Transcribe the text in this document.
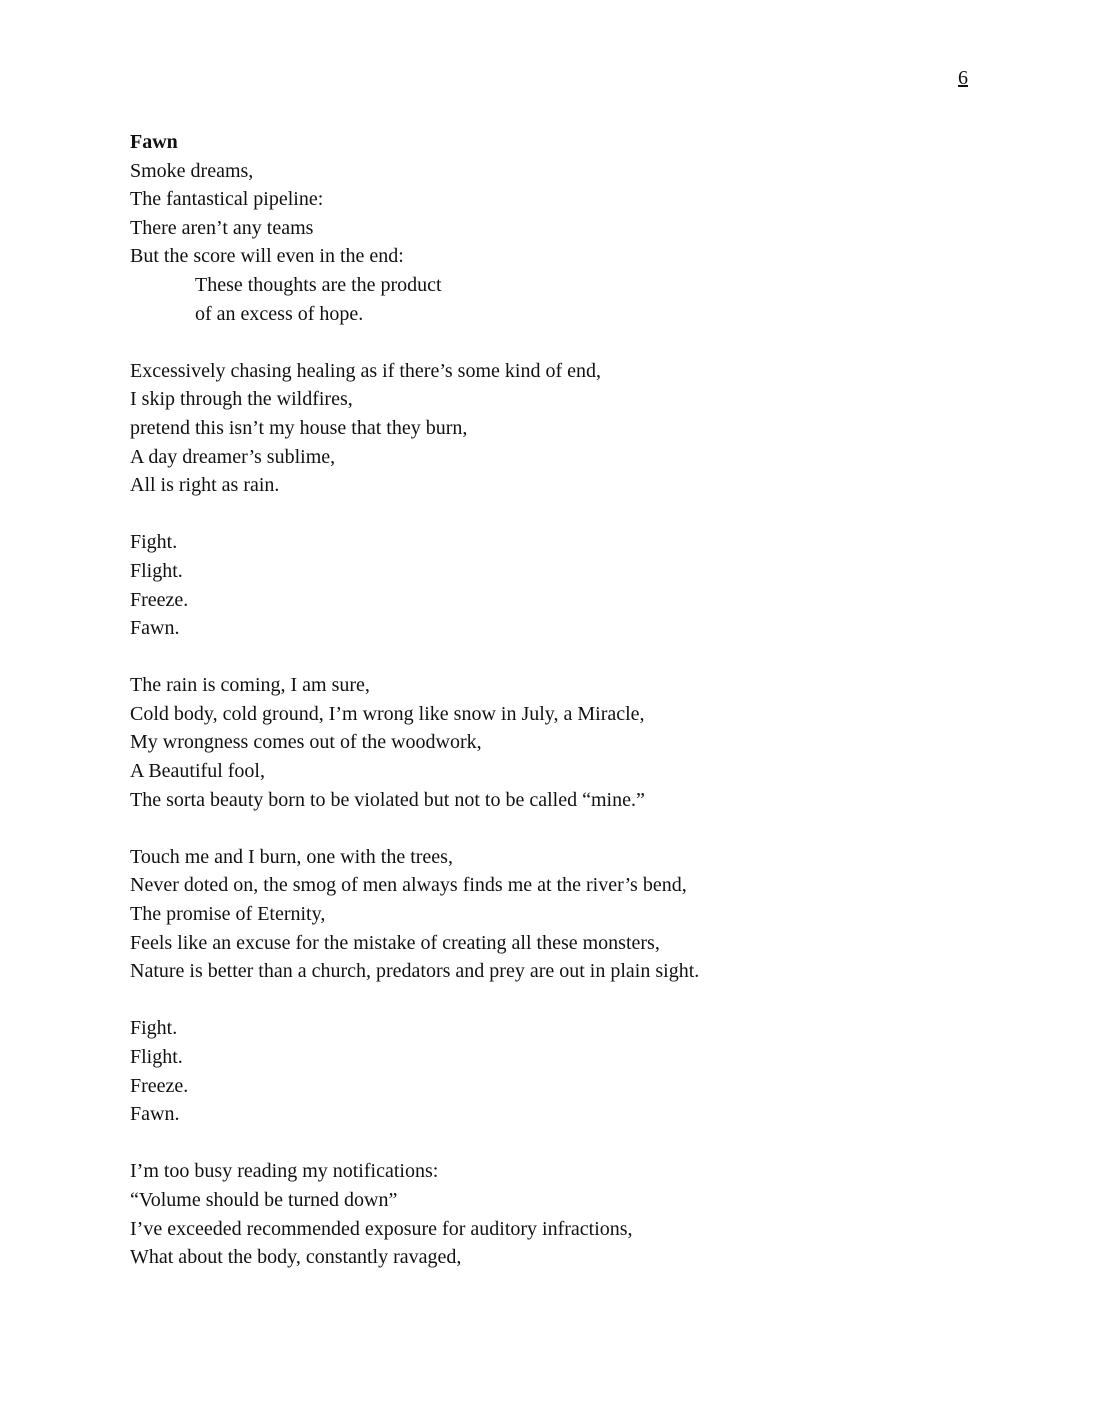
6
Fawn
Smoke dreams,
The fantastical pipeline:
There aren’t any teams
But the score will even in the end:
These thoughts are the product
of an excess of hope.
Excessively chasing healing as if there’s some kind of end,
I skip through the wildfires,
pretend this isn’t my house that they burn,
A day dreamer’s sublime,
All is right as rain.
Fight.
Flight.
Freeze.
Fawn.
The rain is coming, I am sure,
Cold body, cold ground, I’m wrong like snow in July, a Miracle,
My wrongness comes out of the woodwork,
A Beautiful fool,
The sorta beauty born to be violated but not to be called “mine.”
Touch me and I burn, one with the trees,
Never doted on, the smog of men always finds me at the river’s bend,
The promise of Eternity,
Feels like an excuse for the mistake of creating all these monsters,
Nature is better than a church, predators and prey are out in plain sight.
Fight.
Flight.
Freeze.
Fawn.
I’m too busy reading my notifications:
“Volume should be turned down”
I’ve exceeded recommended exposure for auditory infractions,
What about the body, constantly ravaged,
